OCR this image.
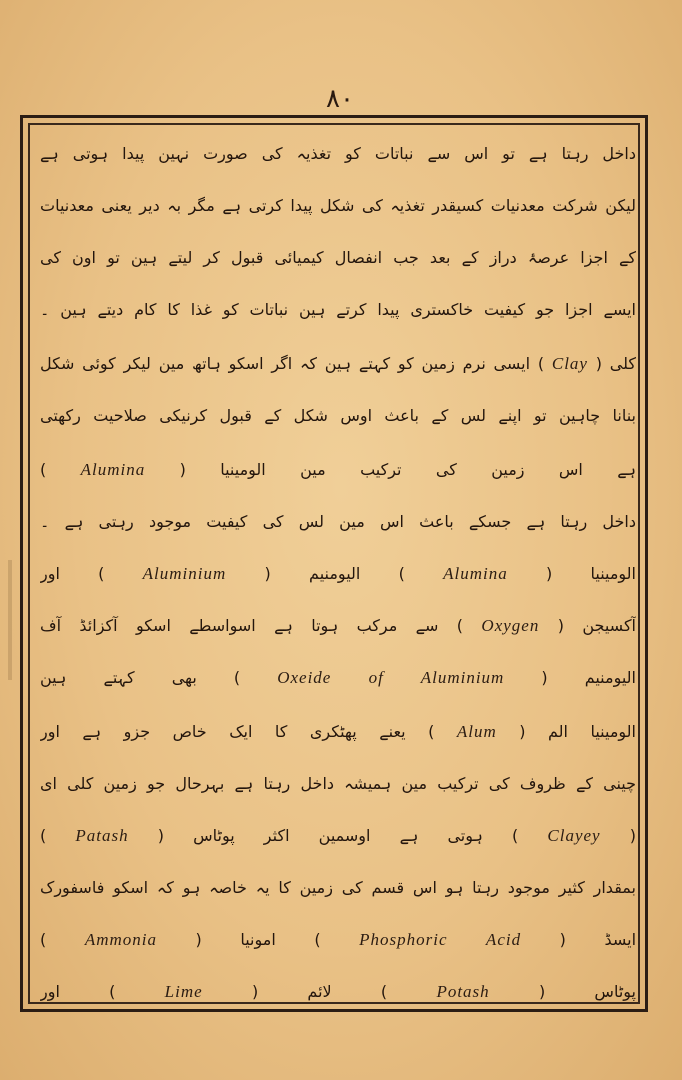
۸۰
داخل رہتا ہے تو اس سے نباتات کو تغذیہ کی صورت نہین پیدا ہوتی ہے
لیکن شرکت معدنیات کسیقدر تغذیہ کی شکل پیدا کرتی ہے مگر بہ دیر یعنی معدنیات
کے اجزا عرصۂ دراز کے بعد جب انفصال کیمیائی قبول کر لیتے ہین تو اون کی
ایسے اجزا جو کیفیت خاکستری پیدا کرتے ہین نباتات کو غذا کا کام دیتے ہین ۔
کلی ( Clay ) ایسی نرم زمین کو کہتے ہین کہ اگر اسکو ہاتھ مین لیکر کوئی شکل
بنانا چاہین تو اپنے لس کے باعث اوس شکل کے قبول کرنیکی صلاحیت رکھتی
ہے اس زمین کی ترکیب مین الومینیا ( Alumina )
داخل رہتا ہے جسکے باعث اس مین لس کی کیفیت موجود رہتی ہے ۔
الومینیا ( Alumina ) الیومنیم ( Aluminium ) اور
آکسیجن ( Oxygen ) سے مرکب ہوتا ہے اسواسطے اسکو آکزائڈ آف
الیومنیم ( Oxeide of Aluminium ) بھی کہتے ہین
الومینیا الم ( Alum ) یعنے پھٹکری کا ایک خاص جزو ہے اور
چینی کے ظروف کی ترکیب مین ہمیشہ داخل رہتا ہے بہرحال جو زمین کلی اى
( Clayey ) ہوتی ہے اوسمین اکثر پوٹاس ( Patash )
بمقدار کثیر موجود رہتا ہو اس قسم کی زمین کا یہ خاصہ ہو کہ اسکو فاسفورک
ایسڈ ( Phosphoric Acid ) امونیا ( Ammonia )
پوٹاس ( Potash ) لائم ( Lime ) اور
